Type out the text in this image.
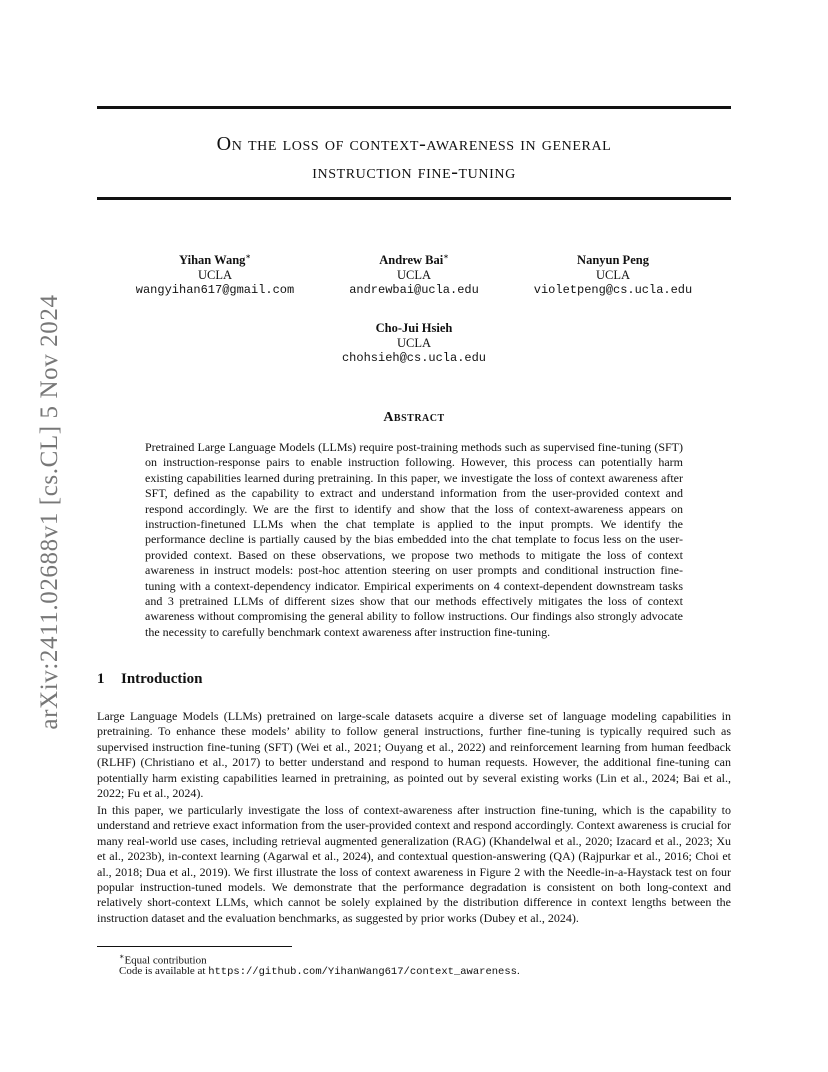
arXiv:2411.02688v1 [cs.CL] 5 Nov 2024
On the loss of context-awareness in general
instruction fine-tuning
Yihan Wang∗
UCLA
wangyihan617@gmail.com
Andrew Bai∗
UCLA
andrewbai@ucla.edu
Nanyun Peng
UCLA
violetpeng@cs.ucla.edu
Cho-Jui Hsieh
UCLA
chohsieh@cs.ucla.edu
Abstract
Pretrained Large Language Models (LLMs) require post-training methods such as supervised fine-tuning (SFT) on instruction-response pairs to enable instruction following. However, this process can potentially harm existing capabilities learned during pretraining. In this paper, we investigate the loss of context awareness after SFT, defined as the capability to extract and understand information from the user-provided context and respond accordingly. We are the first to identify and show that the loss of context-awareness appears on instruction-finetuned LLMs when the chat template is applied to the input prompts. We identify the performance decline is partially caused by the bias embedded into the chat template to focus less on the user-provided context. Based on these observations, we propose two methods to mitigate the loss of context awareness in instruct models: post-hoc attention steering on user prompts and conditional instruction fine-tuning with a context-dependency indicator. Empirical experiments on 4 context-dependent downstream tasks and 3 pretrained LLMs of different sizes show that our methods effectively mitigates the loss of context awareness without compromising the general ability to follow instructions. Our findings also strongly advocate the necessity to carefully benchmark context awareness after instruction fine-tuning.
1 Introduction
Large Language Models (LLMs) pretrained on large-scale datasets acquire a diverse set of language modeling capabilities in pretraining. To enhance these models’ ability to follow general instructions, further fine-tuning is typically required such as supervised instruction fine-tuning (SFT) (Wei et al., 2021; Ouyang et al., 2022) and reinforcement learning from human feedback (RLHF) (Christiano et al., 2017) to better understand and respond to human requests. However, the additional fine-tuning can potentially harm existing capabilities learned in pretraining, as pointed out by several existing works (Lin et al., 2024; Bai et al., 2022; Fu et al., 2024).
In this paper, we particularly investigate the loss of context-awareness after instruction fine-tuning, which is the capability to understand and retrieve exact information from the user-provided context and respond accordingly. Context awareness is crucial for many real-world use cases, including retrieval augmented generalization (RAG) (Khandelwal et al., 2020; Izacard et al., 2023; Xu et al., 2023b), in-context learning (Agarwal et al., 2024), and contextual question-answering (QA) (Rajpurkar et al., 2016; Choi et al., 2018; Dua et al., 2019). We first illustrate the loss of context awareness in Figure 2 with the Needle-in-a-Haystack test on four popular instruction-tuned models. We demonstrate that the performance degradation is consistent on both long-context and relatively short-context LLMs, which cannot be solely explained by the distribution difference in context lengths between the instruction dataset and the evaluation benchmarks, as suggested by prior works (Dubey et al., 2024).
∗Equal contribution
Code is available at https://github.com/YihanWang617/context_awareness.
